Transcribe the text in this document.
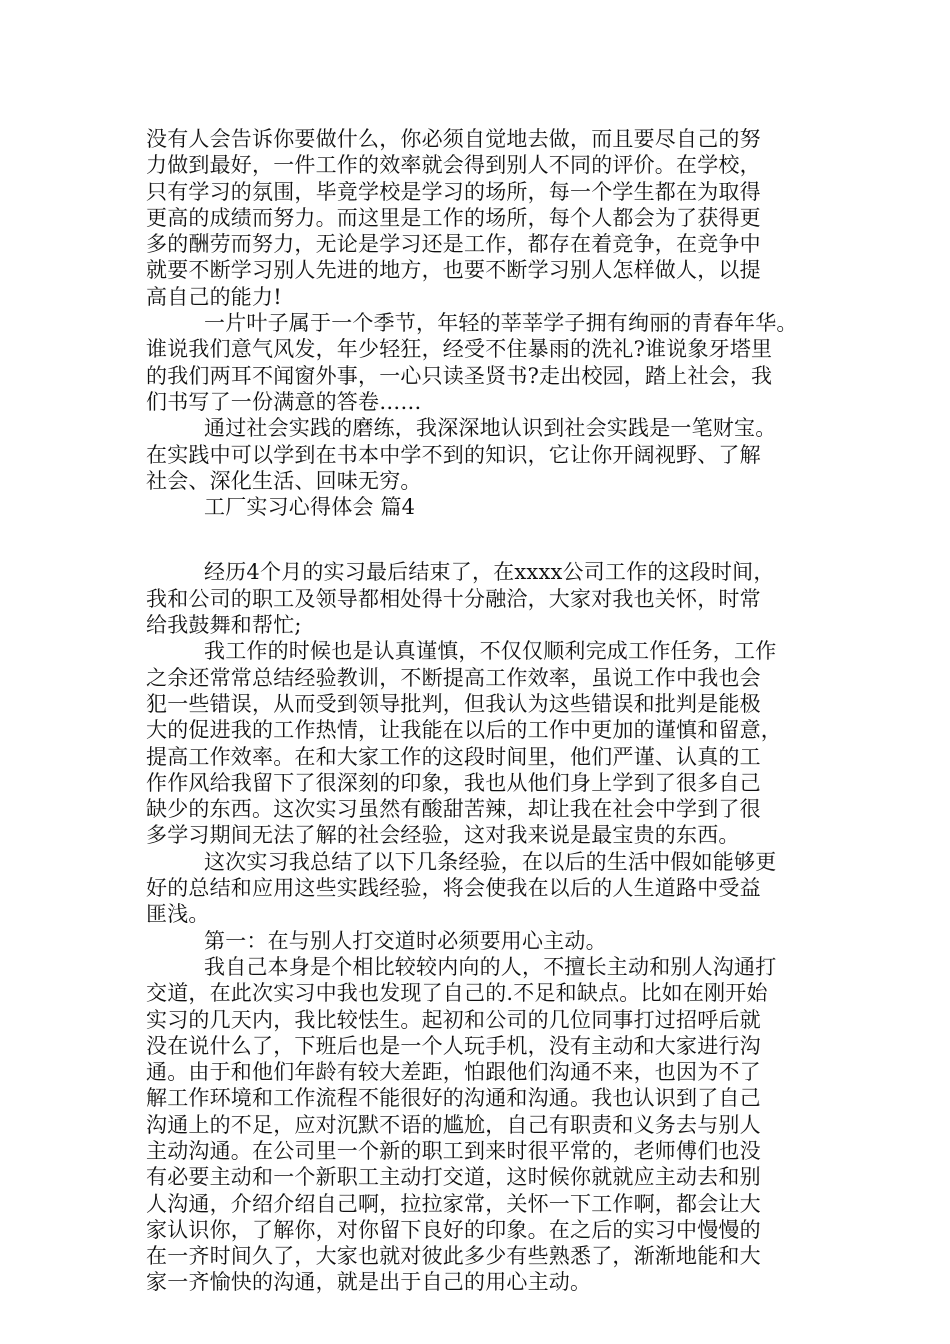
没有人会告诉你要做什么，你必须自觉地去做，而且要尽自己的努
力做到最好，一件工作的效率就会得到别人不同的评价。在学校，
只有学习的氛围，毕竟学校是学习的场所，每一个学生都在为取得
更高的成绩而努力。而这里是工作的场所，每个人都会为了获得更
多的酬劳而努力，无论是学习还是工作，都存在着竞争，在竞争中
就要不断学习别人先进的地方，也要不断学习别人怎样做人，以提
高自己的能力!
一片叶子属于一个季节，年轻的莘莘学子拥有绚丽的青春年华。
谁说我们意气风发，年少轻狂，经受不住暴雨的洗礼?谁说象牙塔里
的我们两耳不闻窗外事，一心只读圣贤书?走出校园，踏上社会，我
们书写了一份满意的答卷……
通过社会实践的磨练，我深深地认识到社会实践是一笔财宝。
在实践中可以学到在书本中学不到的知识，它让你开阔视野、了解
社会、深化生活、回味无穷。
工厂实习心得体会 篇4
经历4个月的实习最后结束了，在xxxx公司工作的这段时间，
我和公司的职工及领导都相处得十分融洽，大家对我也关怀，时常
给我鼓舞和帮忙;
我工作的时候也是认真谨慎，不仅仅顺利完成工作任务，工作
之余还常常总结经验教训，不断提高工作效率，虽说工作中我也会
犯一些错误，从而受到领导批判，但我认为这些错误和批判是能极
大的促进我的工作热情，让我能在以后的工作中更加的谨慎和留意，
提高工作效率。在和大家工作的这段时间里，他们严谨、认真的工
作作风给我留下了很深刻的印象，我也从他们身上学到了很多自己
缺少的东西。这次实习虽然有酸甜苦辣，却让我在社会中学到了很
多学习期间无法了解的社会经验，这对我来说是最宝贵的东西。
这次实习我总结了以下几条经验，在以后的生活中假如能够更
好的总结和应用这些实践经验，将会使我在以后的人生道路中受益
匪浅。
第一：在与别人打交道时必须要用心主动。
我自己本身是个相比较较内向的人，不擅长主动和别人沟通打
交道，在此次实习中我也发现了自己的.不足和缺点。比如在刚开始
实习的几天内，我比较怯生。起初和公司的几位同事打过招呼后就
没在说什么了，下班后也是一个人玩手机，没有主动和大家进行沟
通。由于和他们年龄有较大差距，怕跟他们沟通不来，也因为不了
解工作环境和工作流程不能很好的沟通和沟通。我也认识到了自己
沟通上的不足，应对沉默不语的尴尬，自己有职责和义务去与别人
主动沟通。在公司里一个新的职工到来时很平常的，老师傅们也没
有必要主动和一个新职工主动打交道，这时候你就就应主动去和别
人沟通，介绍介绍自己啊，拉拉家常，关怀一下工作啊，都会让大
家认识你，了解你，对你留下良好的印象。在之后的实习中慢慢的
在一齐时间久了，大家也就对彼此多少有些熟悉了，渐渐地能和大
家一齐愉快的沟通，就是出于自己的用心主动。
